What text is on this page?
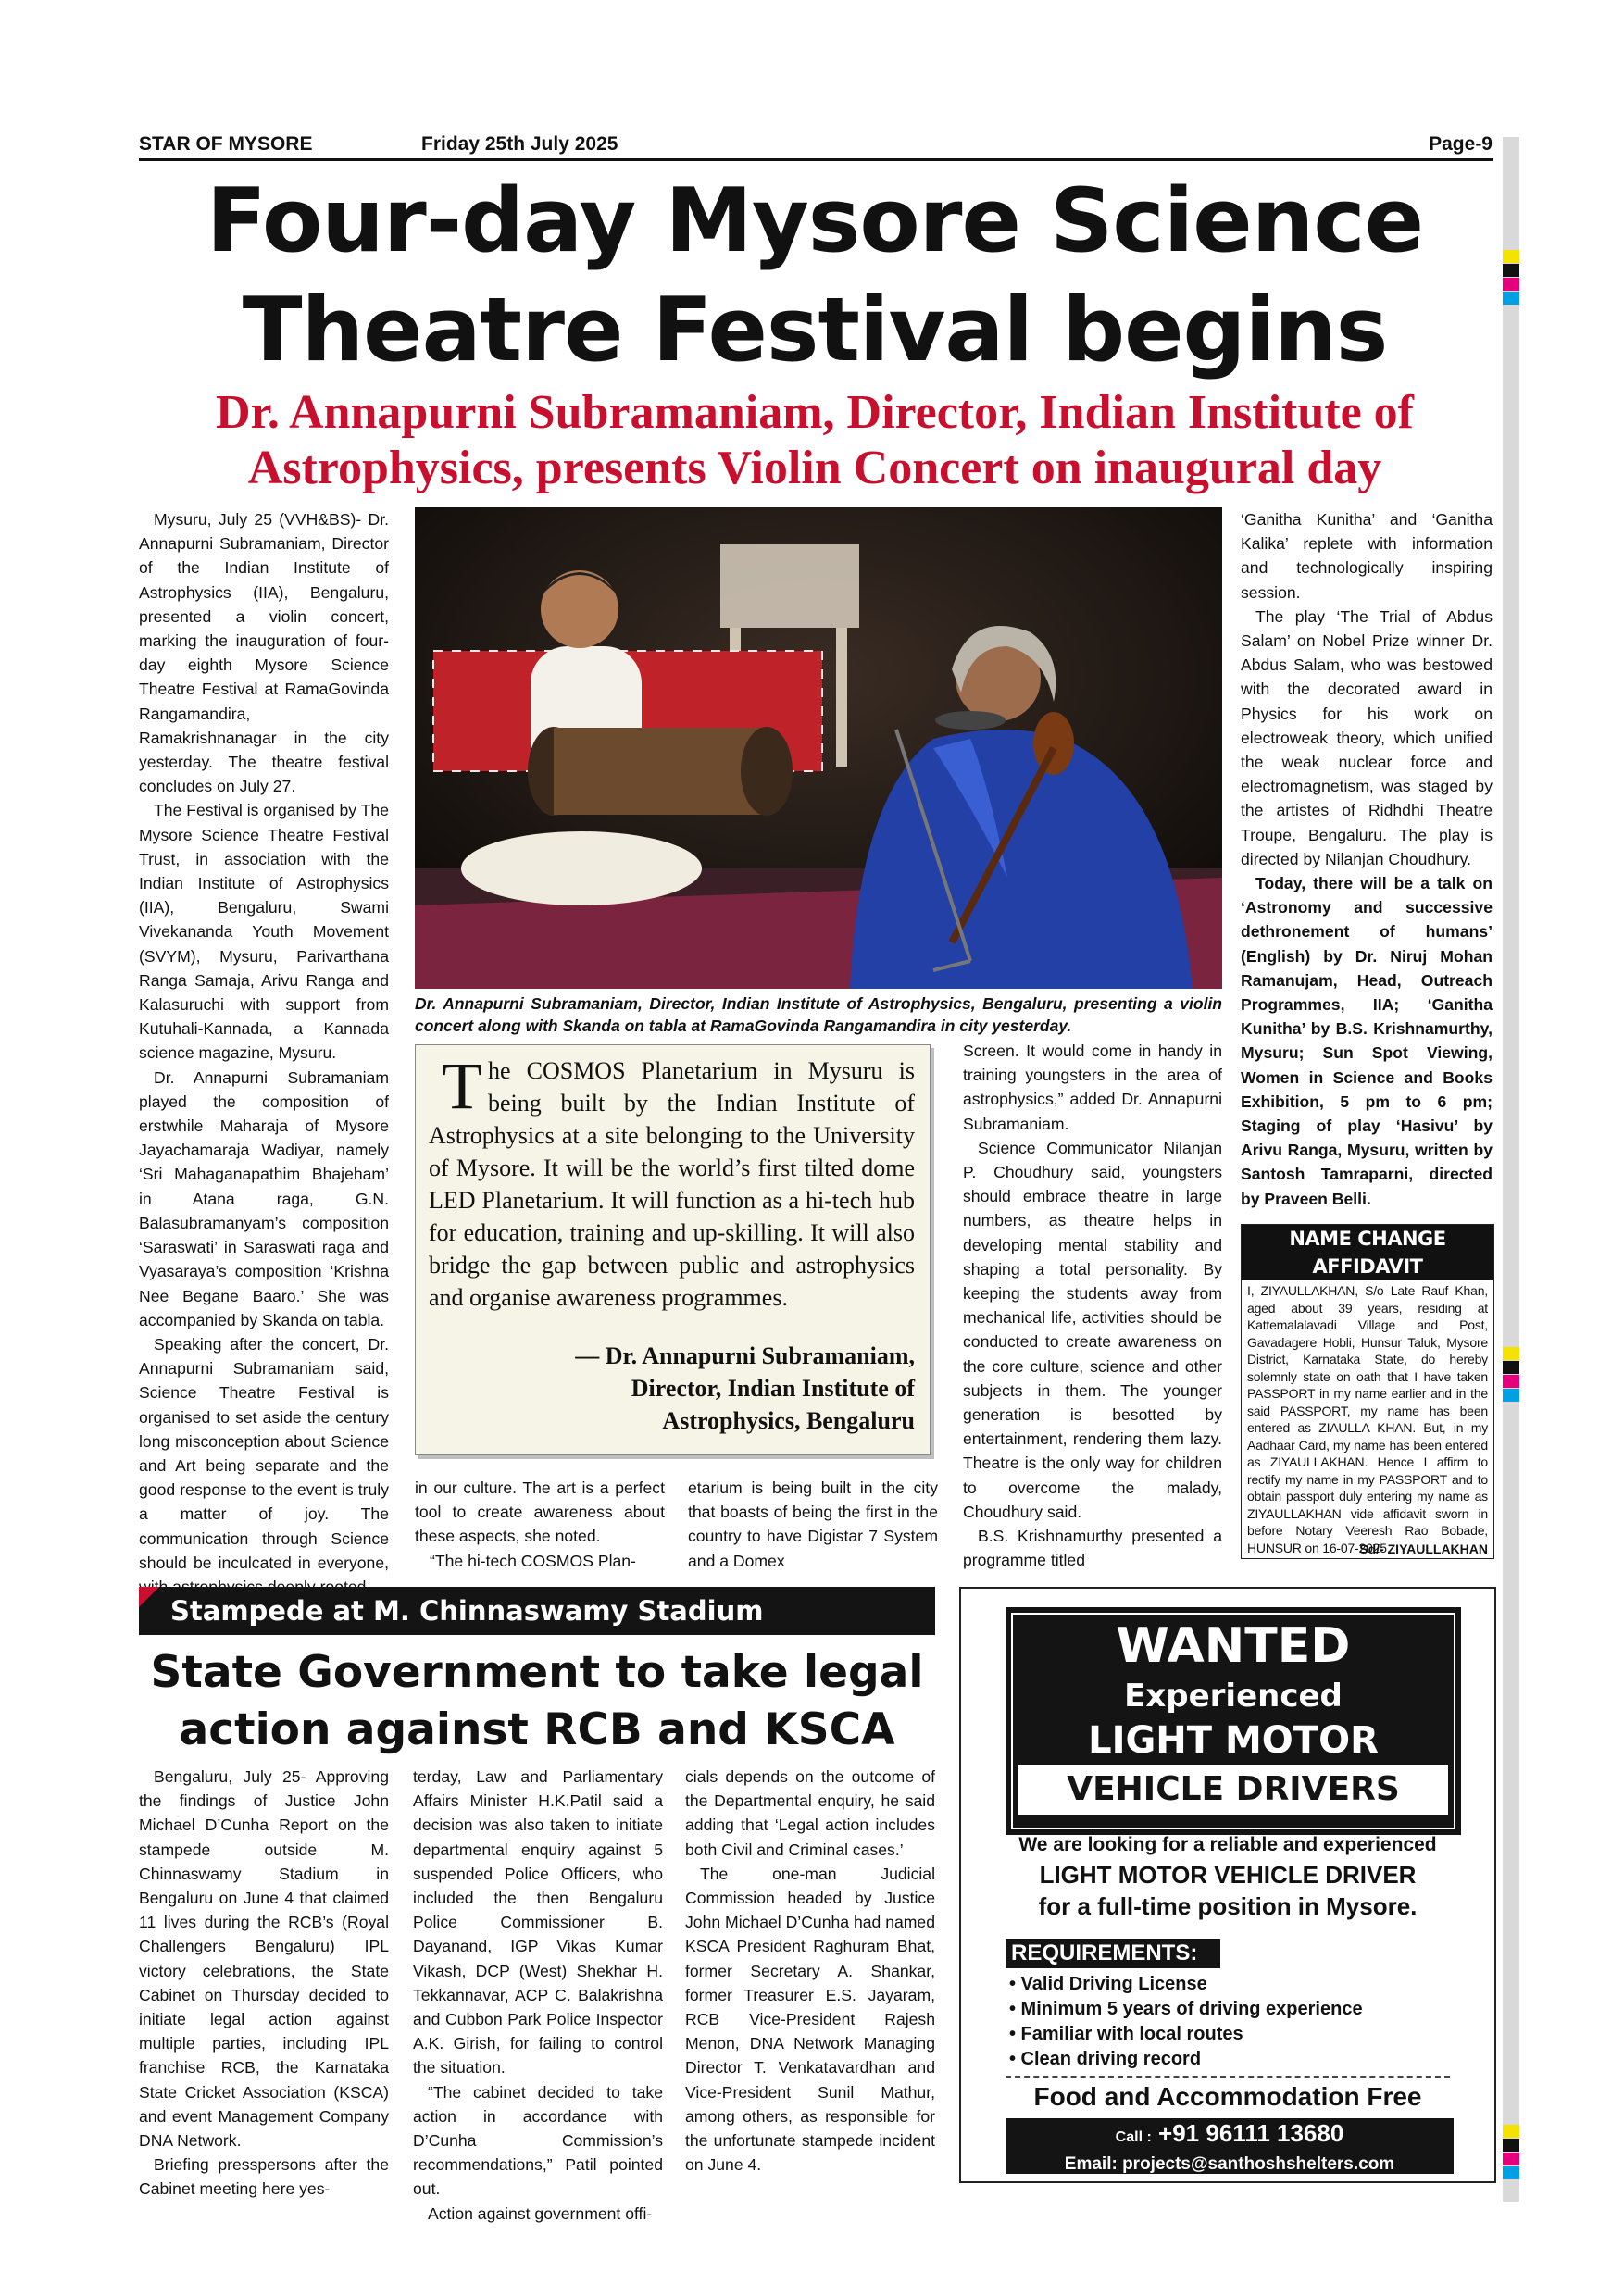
STAR OF MYSORE	Friday 25th July 2025	Page-9
Four-day Mysore Science
Theatre Festival begins
Dr. Annapurni Subramaniam, Director, Indian Institute of
Astrophysics, presents Violin Concert on inaugural day

Mysuru, July 25 (VVH&BS)- Dr. Annapurni Subramaniam, Director of the Indian Institute of Astrophysics (IIA), Bengaluru, presented a violin concert, marking the inauguration of four-day eighth Mysore Science Theatre Festival at RamaGovinda Rangamandira, Ramakrishnanagar in the city yesterday. The theatre festival concludes on July 27.

The Festival is organised by The Mysore Science Theatre Festival Trust, in association with the Indian Institute of Astrophysics (IIA), Bengaluru, Swami Vivekananda Youth Movement (SVYM), Mysuru, Parivarthana Ranga Samaja, Arivu Ranga and Kalasuruchi with support from Kutuhali-Kannada, a Kannada science magazine, Mysuru.

Dr. Annapurni Subramaniam played the composition of erstwhile Maharaja of Mysore Jayachamaraja Wadiyar, namely ‘Sri Mahaganapathim Bhajeham’ in Atana raga, G.N. Balasubramanyam’s composition ‘Saraswati’ in Saraswati raga and Vyasaraya’s composition ‘Krishna Nee Begane Baaro.’ She was accompanied by Skanda on tabla.

Speaking after the concert, Dr. Annapurni Subramaniam said, Science Theatre Festival is organised to set aside the century long misconception about Science and Art being separate and the good response to the event is truly a matter of joy. The communication through Science should be inculcated in everyone,

Dr. Annapurni Subramaniam, Director, Indian Institute of Astrophysics, Bengaluru, presenting a violin concert along with Skanda on tabla at RamaGovinda Rangamandira in city yesterday.
The COSMOS Planetarium in Mysuru is being built by the Indian Institute of Astrophysics at a site belonging to the University of Mysore. It will be the world’s first tilted dome LED Planetarium. It will function as a hi-tech hub for education, training and up-skilling. It will also bridge the gap between public and astrophysics and organise awareness programmes.
— Dr. Annapurni Subramaniam,
Director, Indian Institute of
Astrophysics, Bengaluru

in our culture. The art is a perfect tool to create awareness about these aspects, she noted.

“The hi-tech COSMOS Plan-

etarium is being built in the city that boasts of being the first in the country to have Digistar 7 System and a Domex

Screen. It would come in handy in training youngsters in the area of astrophysics,” added Dr. Annapurni Subramaniam.

Science Communicator Nilanjan P. Choudhury said, youngsters should embrace theatre in large numbers, as theatre helps in developing mental stability and shaping a total personality. By keeping the students away from mechanical life, activities should be conducted to create awareness on the core culture, science and other subjects in them. The younger generation is besotted by entertainment, rendering them lazy. Theatre is the only way for children to overcome the malady, Choudhury said.

B.S. Krishnamurthy presented a programme titled

‘Ganitha Kunitha’ and ‘Ganitha Kalika’ replete with information and technologically inspiring session.

The play ‘The Trial of Abdus Salam’ on Nobel Prize winner Dr. Abdus Salam, who was bestowed with the decorated award in Physics for his work on electroweak theory, which unified the weak nuclear force and electromagnetism, was staged by the artistes of Ridhdhi Theatre Troupe, Bengaluru. The play is directed by Nilanjan Choudhury.

Today, there will be a talk on ‘Astronomy and successive dethronement of humans’ (English) by Dr. Niruj Mohan Ramanujam, Head, Outreach Programmes, IIA; ‘Ganitha Kunitha’ by B.S. Krishnamurthy, Mysuru; Sun Spot Viewing, Women in Science and Books Exhibition, 5 pm to 6 pm; Staging of play ‘Hasivu’ by Arivu Ranga, Mysuru, written by Santosh Tamraparni, directed by Praveen Belli.

NAME CHANGE AFFIDAVIT
I, ZIYAULLAKHAN, S/o Late Rauf Khan, aged about 39 years, residing at Kattemalalavadi Village and Post, Gavadagere Hobli, Hunsur Taluk, Mysore District, Karnataka State, do hereby solemnly state on oath that I have taken PASSPORT in my name earlier and in the said PASSPORT, my name has been entered as ZIAULLA KHAN. But, in my Aadhaar Card, my name has been entered as ZIYAULLAKHAN. Hence I affirm to rectify my name in my PASSPORT and to obtain passport duly entering my name as ZIYAULLAKHAN vide affidavit sworn in before Notary Veeresh Rao Bobade, HUNSUR on 16-07-2025.
Sd/- ZIYAULLAKHAN
Stampede at M. Chinnaswamy Stadium
State Government to take legal
action against RCB and KSCA

Bengaluru, July 25- Approving the findings of Justice John Michael D’Cunha Report on the stampede outside M. Chinnaswamy Stadium in Bengaluru on June 4 that claimed 11 lives during the RCB’s (Royal Challengers Bengaluru) IPL victory celebrations, the State Cabinet on Thursday decided to initiate legal action against multiple parties, including IPL franchise RCB, the Karnataka State Cricket Association (KSCA) and event Management Company DNA Network.

Briefing presspersons after the Cabinet meeting here yes-

terday, Law and Parliamentary Affairs Minister H.K.Patil said a decision was also taken to initiate departmental enquiry against 5 suspended Police Officers, who included the then Bengaluru Police Commissioner B. Dayanand, IGP Vikas Kumar Vikash, DCP (West) Shekhar H. Tekkannavar, ACP C. Balakrishna and Cubbon Park Police Inspector A.K. Girish, for failing to control the situation.

“The cabinet decided to take action in accordance with D’Cunha Commission’s recommendations,” Patil pointed out.

Action against government offi-

cials depends on the outcome of the Departmental enquiry, he said adding that ‘Legal action includes both Civil and Criminal cases.’

The one-man Judicial Commission headed by Justice John Michael D’Cunha had named KSCA President Raghuram Bhat, former Secretary A. Shankar, former Treasurer E.S. Jayaram, RCB Vice-President Rajesh Menon, DNA Network Managing Director T. Venkatavardhan and Vice-President Sunil Mathur, among others, as responsible for the unfortunate stampede incident on June 4.

WANTED
Experienced
LIGHT MOTOR
VEHICLE DRIVERS
We are looking for a reliable and experienced
LIGHT MOTOR VEHICLE DRIVER
for a full-time position in Mysore.
REQUIREMENTS:
• Valid Driving License
• Minimum 5 years of driving experience
• Familiar with local routes
• Clean driving record
Food and Accommodation Free
Call : +91 96111 13680
Email: projects@santhoshshelters.com
